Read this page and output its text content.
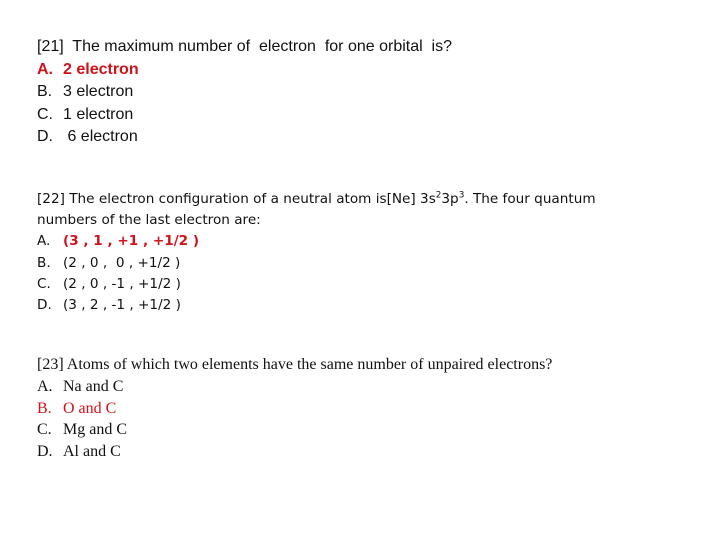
[21]  The maximum number of  electron  for one orbital  is?
A. 2 electron
B. 3 electron
C. 1 electron
D. 6 electron
[22] The electron configuration of a neutral atom is[Ne] $3s^23p^3$. The four quantum numbers of the last electron are:
A. (3 , 1 , +1 , +1/2 )
B. (2 , 0 ,  0 , +1/2 )
C. (2 , 0 , -1 , +1/2 )
D. (3 , 2 , -1 , +1/2 )
[23] Atoms of which two elements have the same number of unpaired electrons?
A. Na and C
B. O and C
C. Mg and C
D. Al and C
